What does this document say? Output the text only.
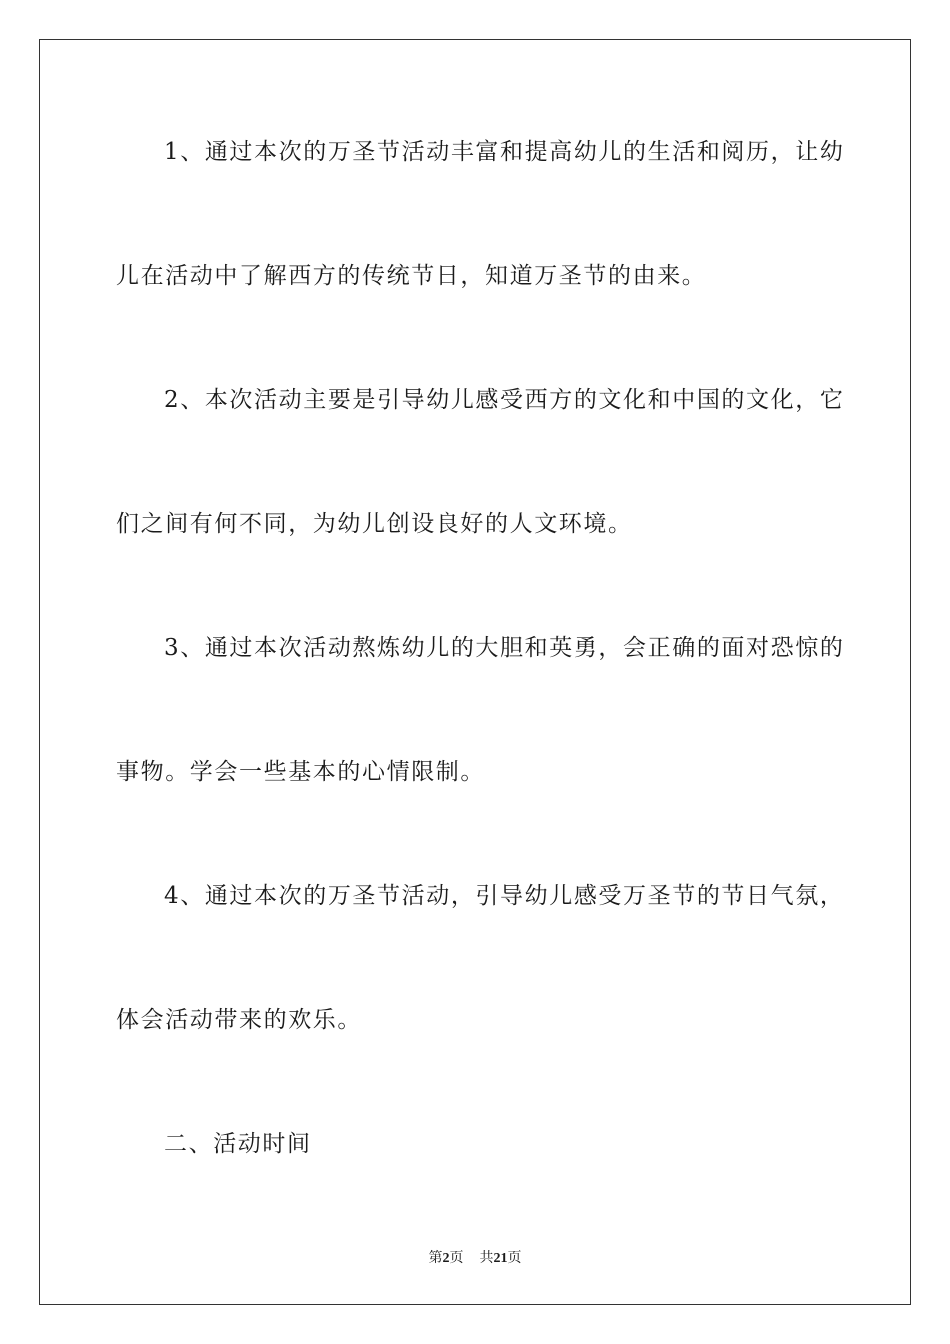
1、通过本次的万圣节活动丰富和提高幼儿的生活和阅历，让幼
儿在活动中了解西方的传统节日，知道万圣节的由来。
2、本次活动主要是引导幼儿感受西方的文化和中国的文化，它
们之间有何不同，为幼儿创设良好的人文环境。
3、通过本次活动熬炼幼儿的大胆和英勇，会正确的面对恐惊的
事物。学会一些基本的心情限制。
4、通过本次的万圣节活动，引导幼儿感受万圣节的节日气氛，
体会活动带来的欢乐。
二、活动时间
第2页 共21页
